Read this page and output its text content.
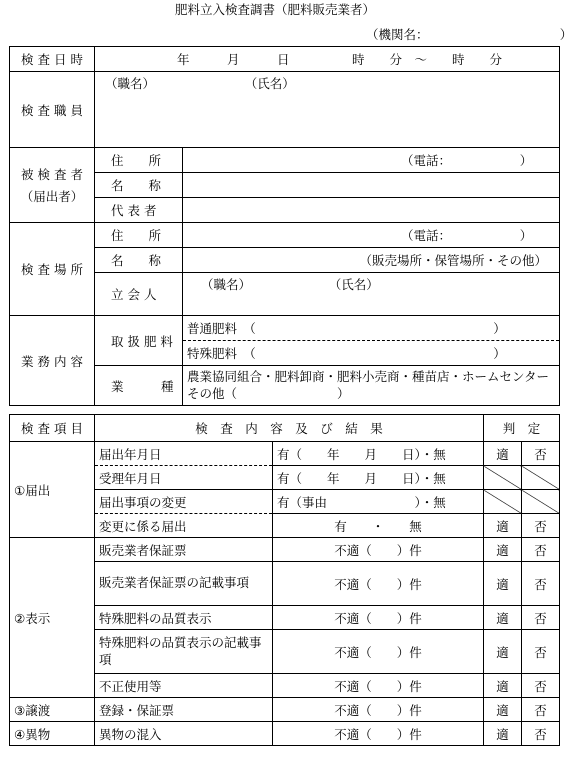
肥料立入検査調書（肥料販売業者）
（機関名：　　　　　　　　　　　）
検 査 日 時	年　　　月　　　日　　　　　時　　分　～　　時　　分	
検 査 職 員	（職名） （氏名）	

被 検 査 者
（届出者）	住　　所	（電話：　　　　　　）
	名　　称	
	代 表 者	
検 査 場 所	住　　所	（電話：　　　　　　）
	名　　称	（販売場所・保管場所・その他）
	立 会 人	（職名） （氏名）
業 務 内 容	取 扱 肥 料	普通肥料　（　　　　　　　　　　　　　　　　　　　）
		特殊肥料　（　　　　　　　　　　　　　　　　　　　）
	業　　　種	農業協同組合・肥料卸商・肥料小売商・種苗店・ホームセンター　その他（　　　　　　　　）
検 査 項 目	検　査　内　容　及　び　結　果		判　定	
①届出	届出年月日	有（　　年　　月　　日）・無	適	否
	受理年月日	有（　　年　　月　　日）・無		
	届出事項の変更	有（事由　　　　　　　）・無		
	変更に係る届出	有　　・　　無	適	否
②表示	販売業者保証票	不適（　　）件	適	否
	販売業者保証票の記載事項	不適（　　）件	適	否
	特殊肥料の品質表示	不適（　　）件	適	否
	特殊肥料の品質表示の記載事項	不適（　　）件	適	否
	不正使用等	不適（　　）件	適	否
③譲渡	登録・保証票	不適（　　）件	適	否
④異物	異物の混入	不適（　　）件	適	否
